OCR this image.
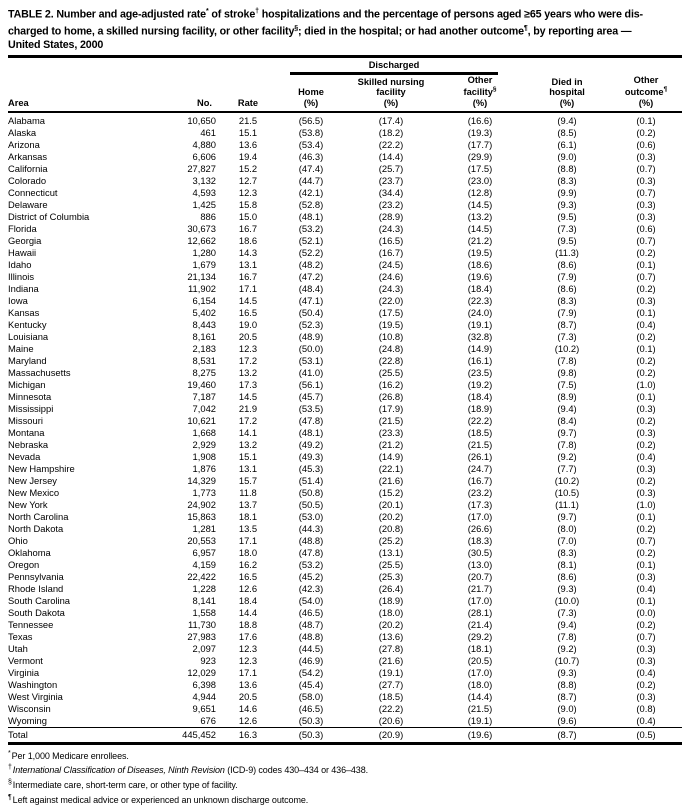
TABLE 2. Number and age-adjusted rate* of stroke† hospitalizations and the percentage of persons aged ≥65 years who were dis-
charged to home, a skilled nursing facility, or other facility§; died in the hospital; or had another outcome¶, by reporting area —
United States, 2000

			Discharged				

Area	No.	Rate	
Home
(%)

Skilled nursing
facility
(%)

Other
facility§
(%)

Died in
hospital
(%)

Other
outcome¶
(%)

Alabama	10,650	21.5	(56.5)	(17.4)	(16.6)	(9.4)	(0.1)
Alaska	461	15.1	(53.8)	(18.2)	(19.3)	(8.5)	(0.2)
Arizona	4,880	13.6	(53.4)	(22.2)	(17.7)	(6.1)	(0.6)
Arkansas	6,606	19.4	(46.3)	(14.4)	(29.9)	(9.0)	(0.3)
California	27,827	15.2	(47.4)	(25.7)	(17.5)	(8.8)	(0.7)
Colorado	3,132	12.7	(44.7)	(23.7)	(23.0)	(8.3)	(0.3)
Connecticut	4,593	12.3	(42.1)	(34.4)	(12.8)	(9.9)	(0.7)
Delaware	1,425	15.8	(52.8)	(23.2)	(14.5)	(9.3)	(0.3)
District of Columbia	886	15.0	(48.1)	(28.9)	(13.2)	(9.5)	(0.3)
Florida	30,673	16.7	(53.2)	(24.3)	(14.5)	(7.3)	(0.6)
Georgia	12,662	18.6	(52.1)	(16.5)	(21.2)	(9.5)	(0.7)
Hawaii	1,280	14.3	(52.2)	(16.7)	(19.5)	(11.3)	(0.2)
Idaho	1,679	13.1	(48.2)	(24.5)	(18.6)	(8.6)	(0.1)
Illinois	21,134	16.7	(47.2)	(24.6)	(19.6)	(7.9)	(0.7)
Indiana	11,902	17.1	(48.4)	(24.3)	(18.4)	(8.6)	(0.2)
Iowa	6,154	14.5	(47.1)	(22.0)	(22.3)	(8.3)	(0.3)
Kansas	5,402	16.5	(50.4)	(17.5)	(24.0)	(7.9)	(0.1)
Kentucky	8,443	19.0	(52.3)	(19.5)	(19.1)	(8.7)	(0.4)
Louisiana	8,161	20.5	(48.9)	(10.8)	(32.8)	(7.3)	(0.2)
Maine	2,183	12.3	(50.0)	(24.8)	(14.9)	(10.2)	(0.1)
Maryland	8,531	17.2	(53.1)	(22.8)	(16.1)	(7.8)	(0.2)
Massachusetts	8,275	13.2	(41.0)	(25.5)	(23.5)	(9.8)	(0.2)
Michigan	19,460	17.3	(56.1)	(16.2)	(19.2)	(7.5)	(1.0)
Minnesota	7,187	14.5	(45.7)	(26.8)	(18.4)	(8.9)	(0.1)
Mississippi	7,042	21.9	(53.5)	(17.9)	(18.9)	(9.4)	(0.3)
Missouri	10,621	17.2	(47.8)	(21.5)	(22.2)	(8.4)	(0.2)
Montana	1,668	14.1	(48.1)	(23.3)	(18.5)	(9.7)	(0.3)
Nebraska	2,929	13.2	(49.2)	(21.2)	(21.5)	(7.8)	(0.2)
Nevada	1,908	15.1	(49.3)	(14.9)	(26.1)	(9.2)	(0.4)
New Hampshire	1,876	13.1	(45.3)	(22.1)	(24.7)	(7.7)	(0.3)
New Jersey	14,329	15.7	(51.4)	(21.6)	(16.7)	(10.2)	(0.2)
New Mexico	1,773	11.8	(50.8)	(15.2)	(23.2)	(10.5)	(0.3)
New York	24,902	13.7	(50.5)	(20.1)	(17.3)	(11.1)	(1.0)
North Carolina	15,863	18.1	(53.0)	(20.2)	(17.0)	(9.7)	(0.1)
North Dakota	1,281	13.5	(44.3)	(20.8)	(26.6)	(8.0)	(0.2)
Ohio	20,553	17.1	(48.8)	(25.2)	(18.3)	(7.0)	(0.7)
Oklahoma	6,957	18.0	(47.8)	(13.1)	(30.5)	(8.3)	(0.2)
Oregon	4,159	16.2	(53.2)	(25.5)	(13.0)	(8.1)	(0.1)
Pennsylvania	22,422	16.5	(45.2)	(25.3)	(20.7)	(8.6)	(0.3)
Rhode Island	1,228	12.6	(42.3)	(26.4)	(21.7)	(9.3)	(0.4)
South Carolina	8,141	18.4	(54.0)	(18.9)	(17.0)	(10.0)	(0.1)
South Dakota	1,558	14.4	(46.5)	(18.0)	(28.1)	(7.3)	(0.0)
Tennessee	11,730	18.8	(48.7)	(20.2)	(21.4)	(9.4)	(0.2)
Texas	27,983	17.6	(48.8)	(13.6)	(29.2)	(7.8)	(0.7)
Utah	2,097	12.3	(44.5)	(27.8)	(18.1)	(9.2)	(0.3)
Vermont	923	12.3	(46.9)	(21.6)	(20.5)	(10.7)	(0.3)
Virginia	12,029	17.1	(54.2)	(19.1)	(17.0)	(9.3)	(0.4)
Washington	6,398	13.6	(45.4)	(27.7)	(18.0)	(8.8)	(0.2)
West Virginia	4,944	20.5	(58.0)	(18.5)	(14.4)	(8.7)	(0.3)
Wisconsin	9,651	14.6	(46.5)	(22.2)	(21.5)	(9.0)	(0.8)
Wyoming	676	12.6	(50.3)	(20.6)	(19.1)	(9.6)	(0.4)
Total	445,452	16.3	(50.3)	(20.9)	(19.6)	(8.7)	(0.5)
*Per 1,000 Medicare enrollees.
†International Classification of Diseases, Ninth Revision (ICD-9) codes 430–434 or 436–438.
§Intermediate care, short-term care, or other type of facility.
¶Left against medical advice or experienced an unknown discharge outcome.
